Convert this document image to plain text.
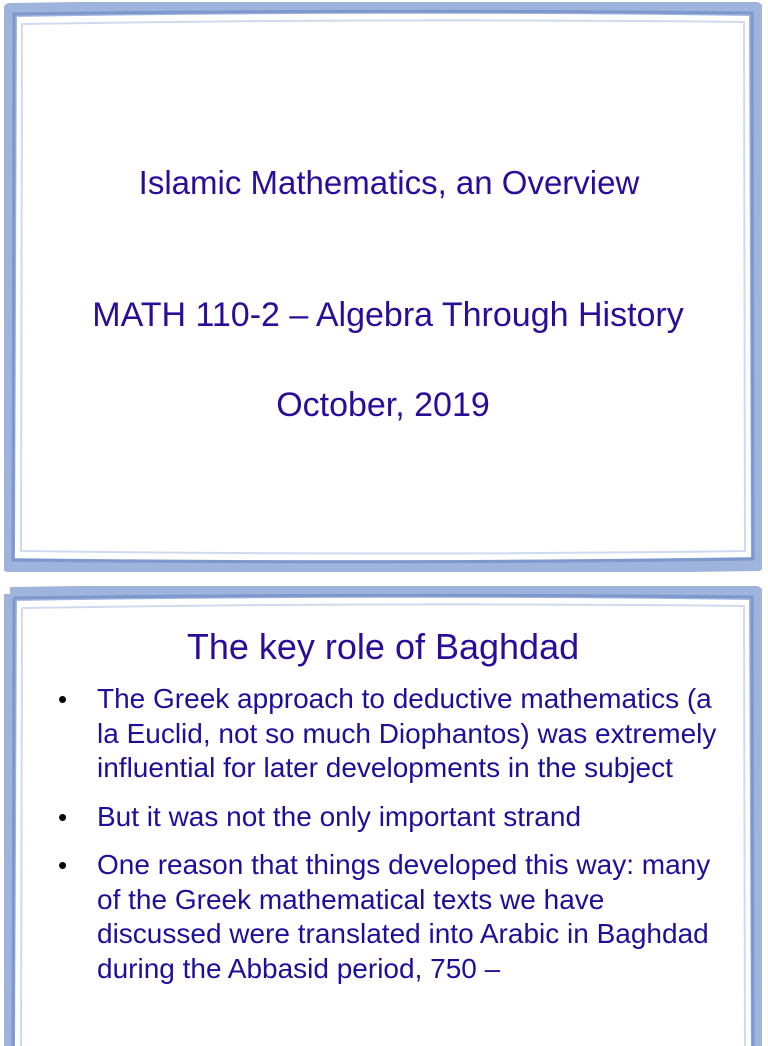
Islamic Mathematics, an Overview
MATH 110-2 – Algebra Through History
October, 2019
The key role of Baghdad
• The Greek approach to deductive mathematics (a la Euclid, not so much Diophantos) was extremely influential for later developments in the subject
• But it was not the only important strand
• One reason that things developed this way: many of the Greek mathematical texts we have discussed were translated into Arabic in Baghdad during the Abbasid period, 750 –
